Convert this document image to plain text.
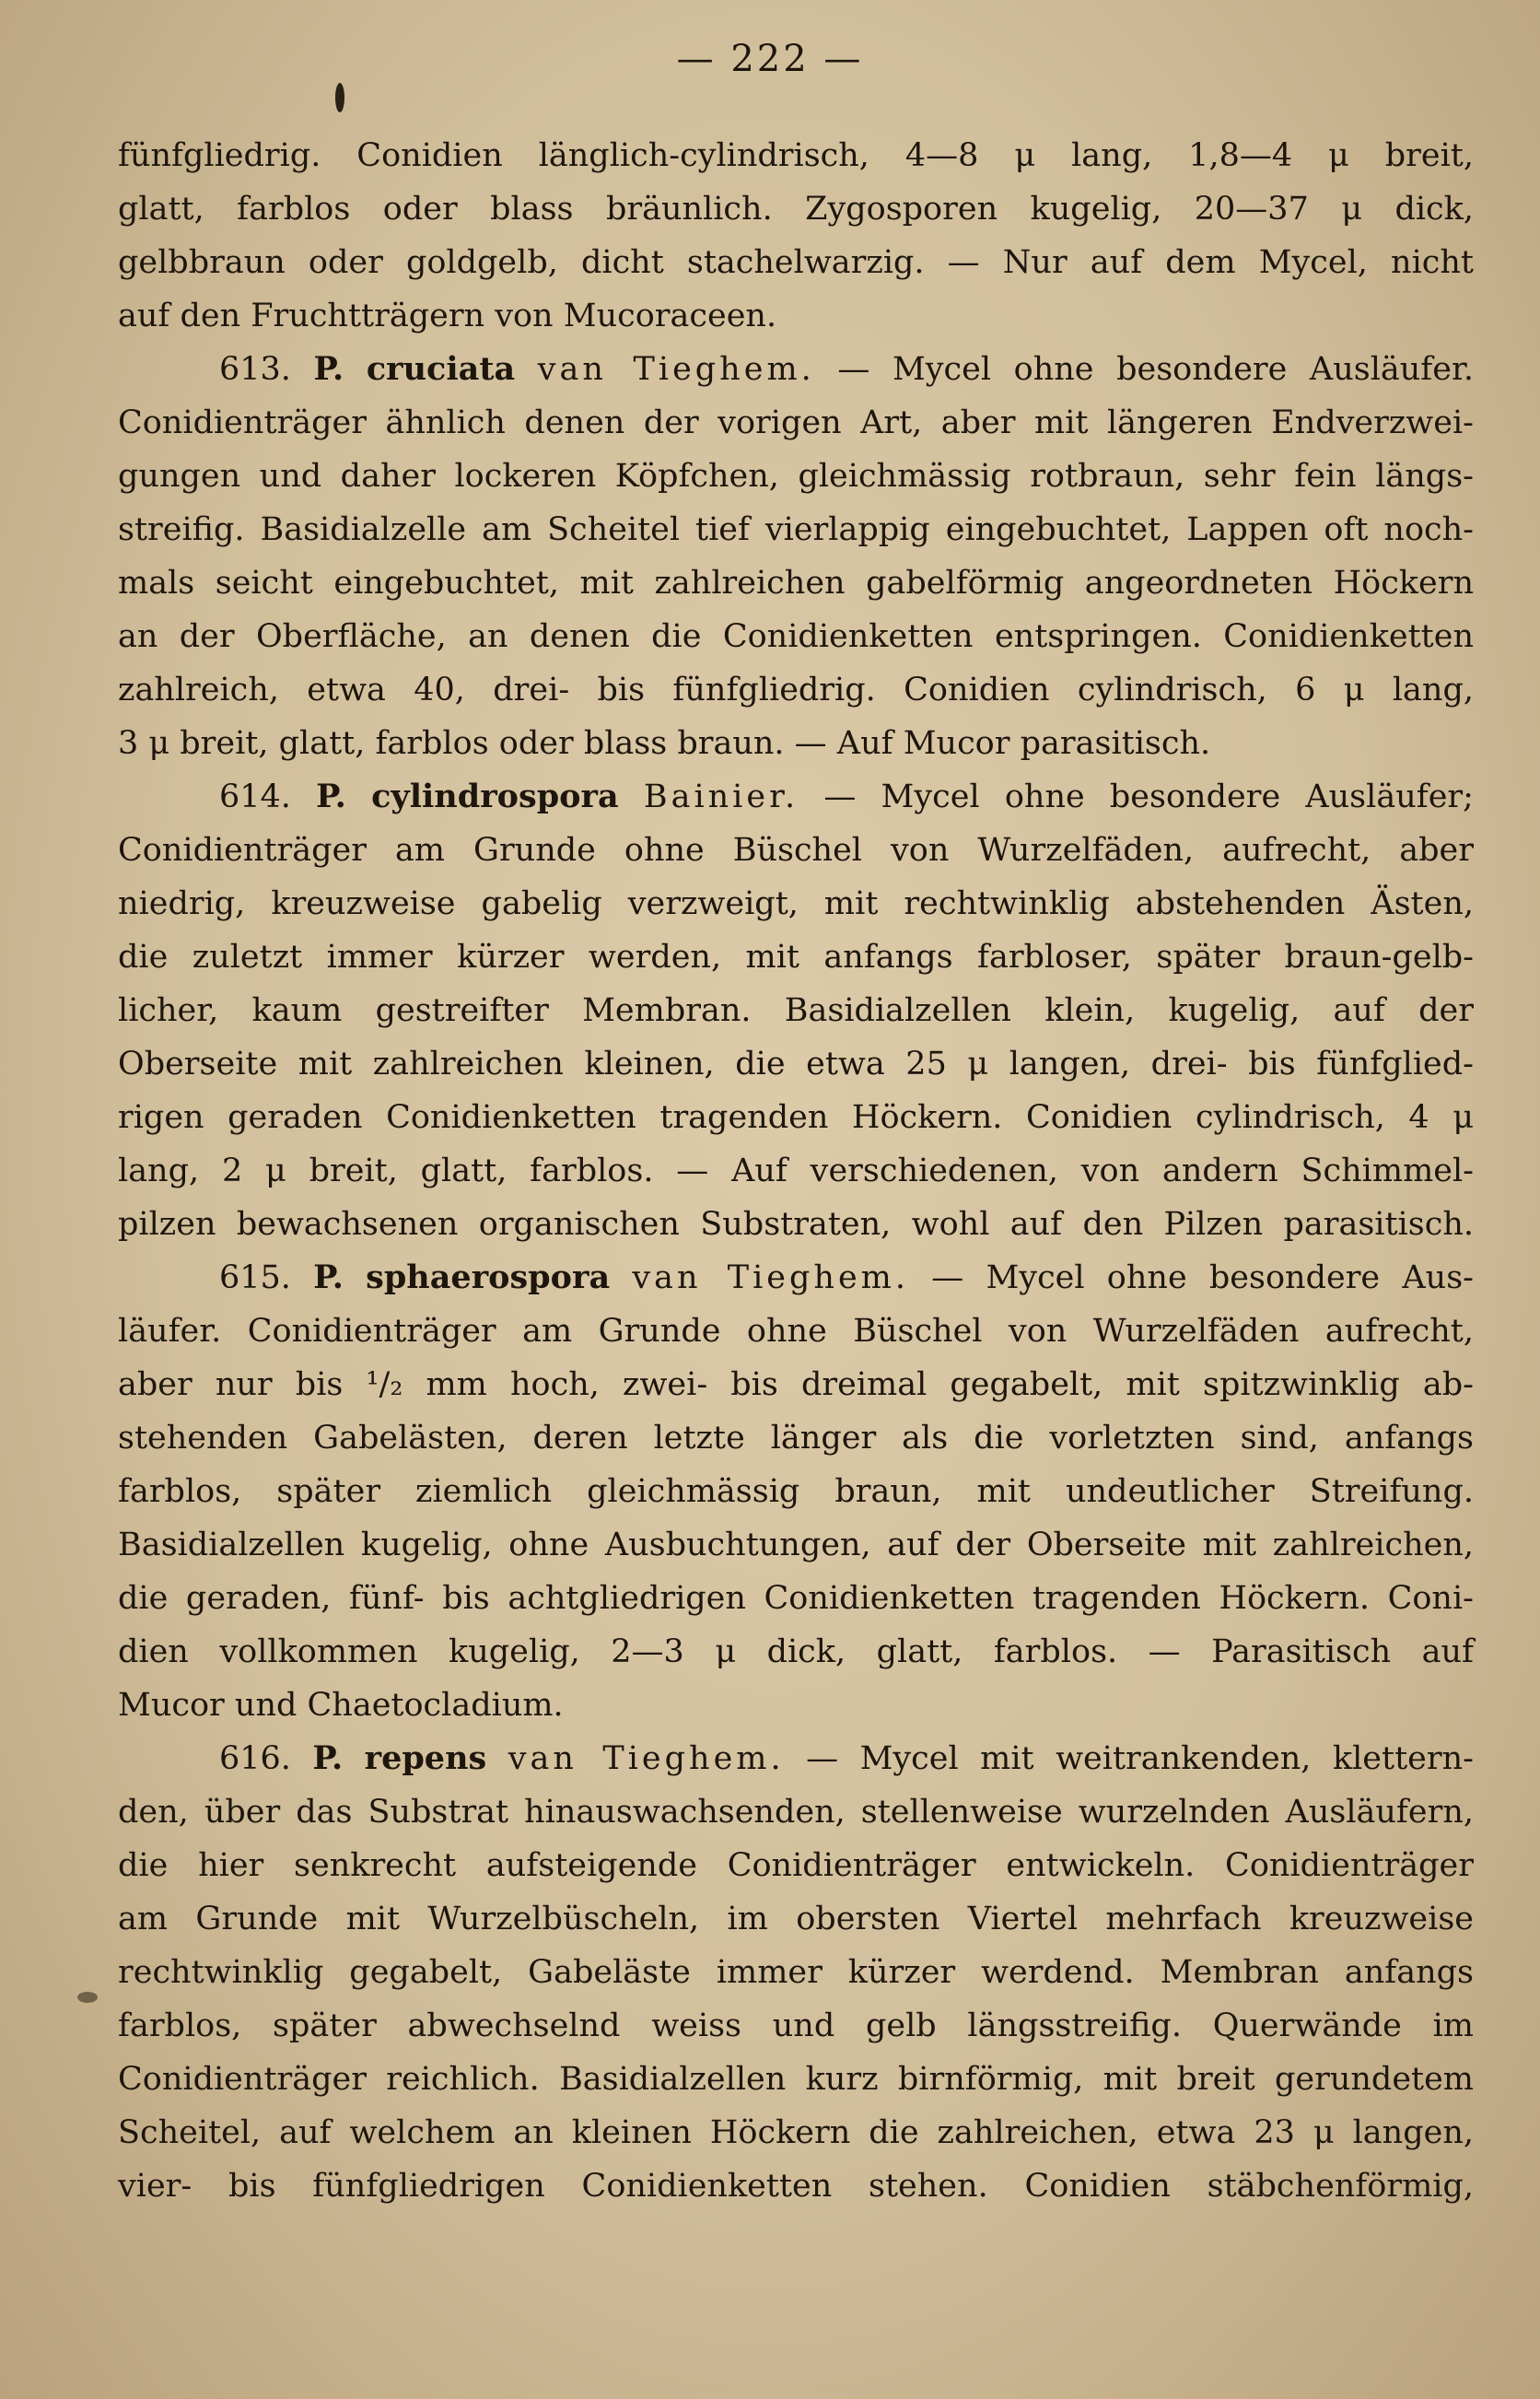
— 222 —
fünfgliedrig. Conidien länglich-cylindrisch, 4—8 μ lang, 1,8—4 μ breit,
glatt, farblos oder blass bräunlich. Zygosporen kugelig, 20—37 μ dick,
gelbbraun oder goldgelb, dicht stachelwarzig. — Nur auf dem Mycel, nicht
auf den Fruchtträgern von Mucoraceen.
613. P. cruciata van Tieghem. — Mycel ohne besondere Ausläufer.
Conidienträger ähnlich denen der vorigen Art, aber mit längeren Endverzwei-
gungen und daher lockeren Köpfchen, gleichmässig rotbraun, sehr fein längs-
streifig. Basidialzelle am Scheitel tief vierlappig eingebuchtet, Lappen oft noch-
mals seicht eingebuchtet, mit zahlreichen gabelförmig angeordneten Höckern
an der Oberfläche, an denen die Conidienketten entspringen. Conidienketten
zahlreich, etwa 40, drei- bis fünfgliedrig. Conidien cylindrisch, 6 μ lang,
3 μ breit, glatt, farblos oder blass braun. — Auf Mucor parasitisch.
614. P. cylindrospora Bainier. — Mycel ohne besondere Ausläufer;
Conidienträger am Grunde ohne Büschel von Wurzelfäden, aufrecht, aber
niedrig, kreuzweise gabelig verzweigt, mit rechtwinklig abstehenden Ästen,
die zuletzt immer kürzer werden, mit anfangs farbloser, später braun-gelb-
licher, kaum gestreifter Membran. Basidialzellen klein, kugelig, auf der
Oberseite mit zahlreichen kleinen, die etwa 25 μ langen, drei- bis fünfglied-
rigen geraden Conidienketten tragenden Höckern. Conidien cylindrisch, 4 μ
lang, 2 μ breit, glatt, farblos. — Auf verschiedenen, von andern Schimmel-
pilzen bewachsenen organischen Substraten, wohl auf den Pilzen parasitisch.
615. P. sphaerospora van Tieghem. — Mycel ohne besondere Aus-
läufer. Conidienträger am Grunde ohne Büschel von Wurzelfäden aufrecht,
aber nur bis ¹/₂ mm hoch, zwei- bis dreimal gegabelt, mit spitzwinklig ab-
stehenden Gabelästen, deren letzte länger als die vorletzten sind, anfangs
farblos, später ziemlich gleichmässig braun, mit undeutlicher Streifung.
Basidialzellen kugelig, ohne Ausbuchtungen, auf der Oberseite mit zahlreichen,
die geraden, fünf- bis achtgliedrigen Conidienketten tragenden Höckern. Coni-
dien vollkommen kugelig, 2—3 μ dick, glatt, farblos. — Parasitisch auf
Mucor und Chaetocladium.
616. P. repens van Tieghem. — Mycel mit weitrankenden, klettern-
den, über das Substrat hinauswachsenden, stellenweise wurzelnden Ausläufern,
die hier senkrecht aufsteigende Conidienträger entwickeln. Conidienträger
am Grunde mit Wurzelbüscheln, im obersten Viertel mehrfach kreuzweise
rechtwinklig gegabelt, Gabeläste immer kürzer werdend. Membran anfangs
farblos, später abwechselnd weiss und gelb längsstreifig. Querwände im
Conidienträger reichlich. Basidialzellen kurz birnförmig, mit breit gerundetem
Scheitel, auf welchem an kleinen Höckern die zahlreichen, etwa 23 μ langen,
vier- bis fünfgliedrigen Conidienketten stehen. Conidien stäbchenförmig,
